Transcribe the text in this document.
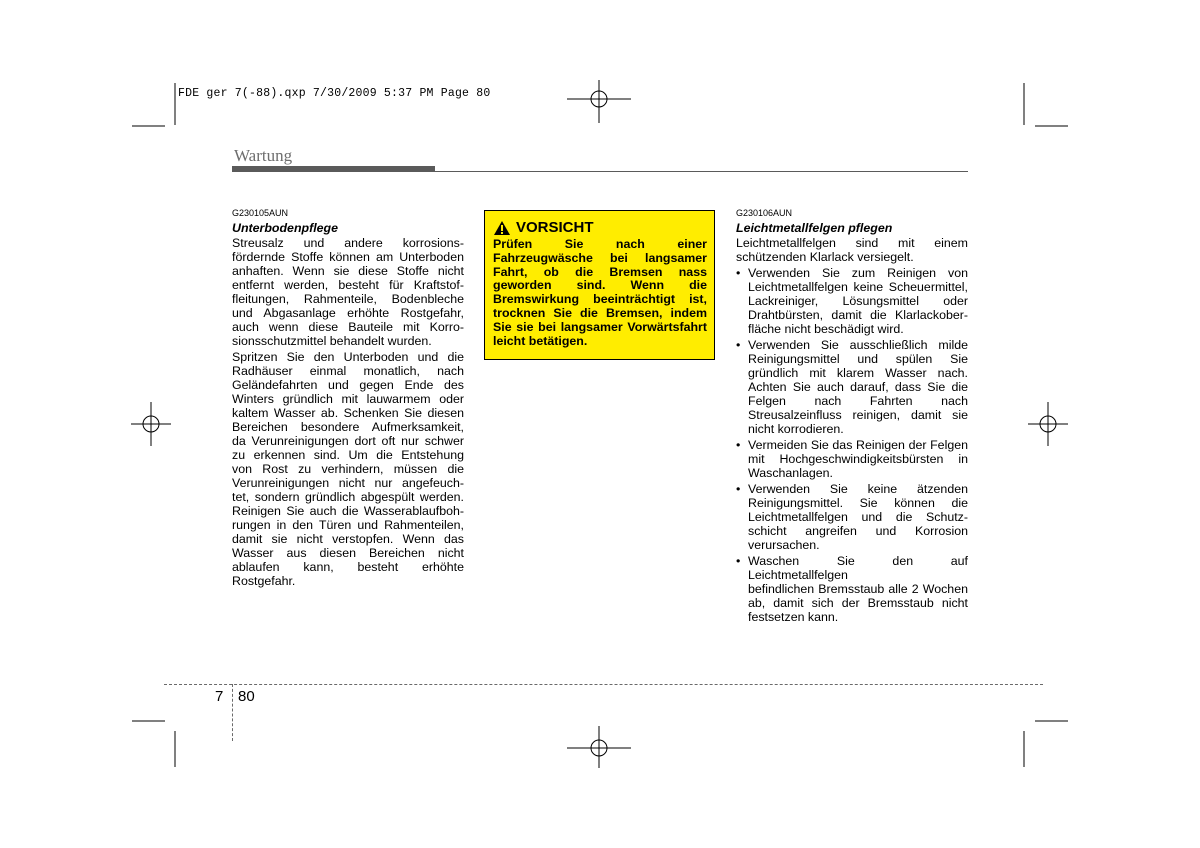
FDE ger 7(-88).qxp 7/30/2009 5:37 PM Page 80
Wartung
G230105AUN
Unterbodenpflege
Streusalz und andere korrosions-
fördernde Stoffe können am Unterboden
anhaften. Wenn sie diese Stoffe nicht
entfernt werden, besteht für Kraftstof-
fleitungen, Rahmenteile, Bodenbleche
und Abgasanlage erhöhte Rostgefahr,
auch wenn diese Bauteile mit Korro-
sionsschutzmittel behandelt wurden.
Spritzen Sie den Unterboden und die
Radhäuser einmal monatlich, nach
Geländefahrten und gegen Ende des
Winters gründlich mit lauwarmem oder
kaltem Wasser ab. Schenken Sie diesen
Bereichen besondere Aufmerksamkeit,
da Verunreinigungen dort oft nur schwer
zu erkennen sind. Um die Entstehung
von Rost zu verhindern, müssen die
Verunreinigungen nicht nur angefeuch-
tet, sondern gründlich abgespült werden.
Reinigen Sie auch die Wasserablaufboh-
rungen in den Türen und Rahmenteilen,
damit sie nicht verstopfen. Wenn das
Wasser aus diesen Bereichen nicht
ablaufen kann, besteht erhöhte Rostgefahr.
VORSICHT
Prüfen Sie nach einer
Fahrzeugwäsche bei langsamer
Fahrt, ob die Bremsen nass
geworden sind. Wenn die
Bremswirkung beeinträchtigt ist,
trocknen Sie die Bremsen, indem
Sie sie bei langsamer Vorwärtsfahrt
leicht betätigen.
G230106AUN
Leichtmetallfelgen pflegen
Leichtmetallfelgen sind mit einem
schützenden Klarlack versiegelt.
• Verwenden Sie zum Reinigen von
Leichtmetallfelgen keine Scheuermittel,
Lackreiniger, Lösungsmittel oder
Drahtbürsten, damit die Klarlackober-
fläche nicht beschädigt wird.
• Verwenden Sie ausschließlich milde
Reinigungsmittel und spülen Sie
gründlich mit klarem Wasser nach.
Achten Sie auch darauf, dass Sie die
Felgen nach Fahrten nach
Streusalzeinfluss reinigen, damit sie
nicht korrodieren.
• Vermeiden Sie das Reinigen der Felgen
mit Hochgeschwindigkeitsbürsten in
Waschanlagen.
• Verwenden Sie keine ätzenden
Reinigungsmittel. Sie können die
Leichtmetallfelgen und die Schutz-
schicht angreifen und Korrosion
verursachen.
• Waschen Sie den auf Leichtmetallfelgen
befindlichen Bremsstaub alle 2 Wochen
ab, damit sich der Bremsstaub nicht
festsetzen kann.
7 80
